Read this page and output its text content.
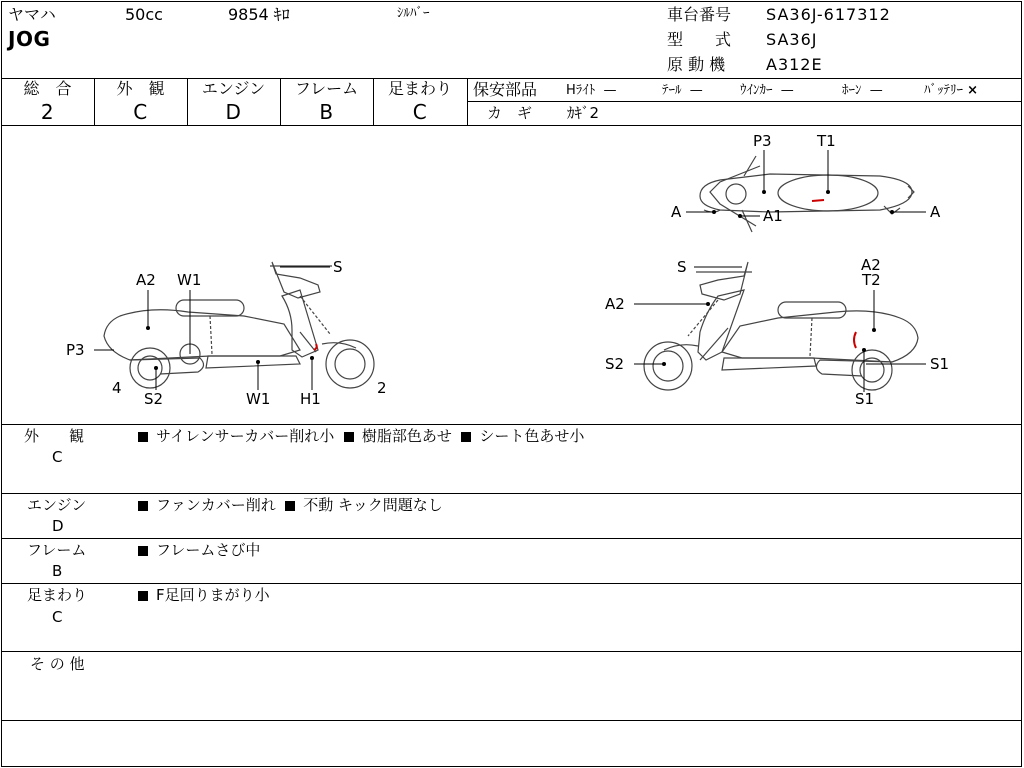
ヤマハ
JOG
50cc	9854 ｷﾛ	ｼﾙﾊﾞｰ	車台番号 SA36J-617312
型　　式 SA36J
原 動 機	A312E
総　合
2
外　観
C
エンジン
D
フレーム
B
足まわり
C
保安部品 Hﾗｲﾄ —	ﾃｰﾙ —	ｳｲﾝｶｰ —	ﾎｰﾝ —	ﾊﾞｯﾃﾘｰ ×
カ　ギ ｶｷﾞ2
S
A2 W1
P3
4
S2	W1 H1
2
S	A2
T2
A2
S2	S1
S1
P3	T1
A	A1	A
外　　観
C
サイレンサーカバー削れ小 樹脂部色あせ シート色あせ小
エンジン
D
ファンカバー削れ 不動 キック問題なし
フレーム
B
フレームさび中
足まわり
C
F足回りまがり小
そ の 他
